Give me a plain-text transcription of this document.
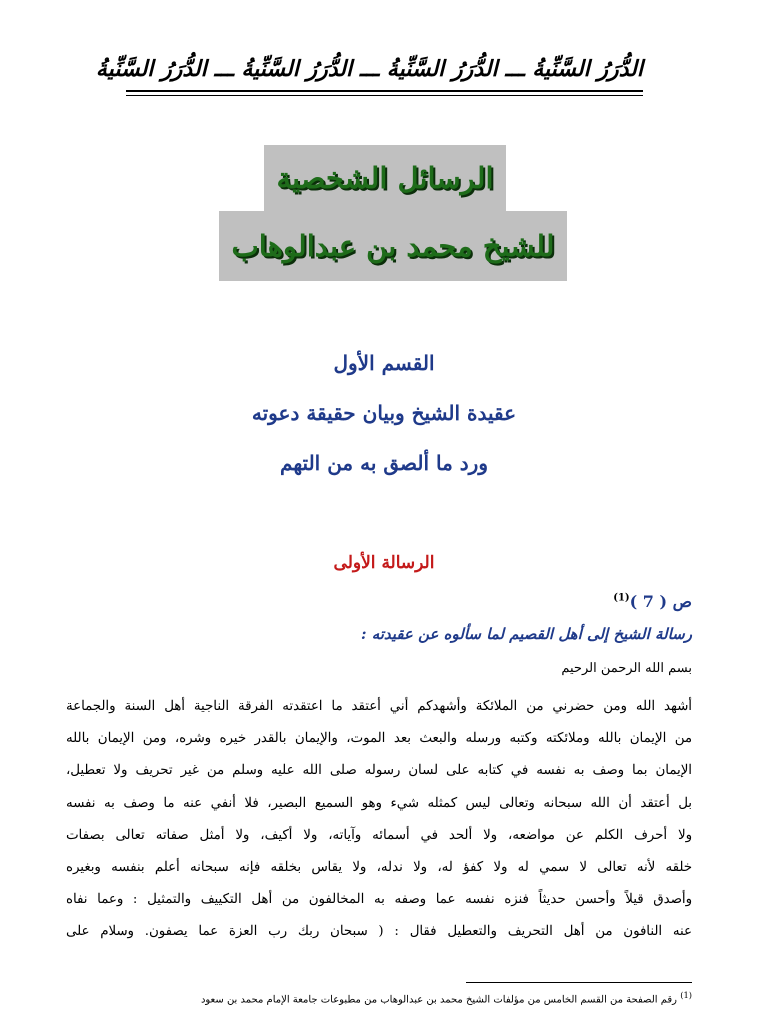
الدُّرَرُ السَّنِّيةُ ـــ الدُّرَرُ السَّنِّيةُ ـــ الدُّرَرُ السَّنِّيةُ ـــ الدُّرَرُ السَّنِّيةُ
الرسائل الشخصية
للشيخ محمد بن عبدالوهاب
القسم الأول
عقيدة الشيخ وبيان حقيقة دعوته
ورد ما ألصق به من التهم
الرسالة الأولى
ص ( 7 )$^{(1)}$
رسالة الشيخ إلى أهل القصيم لما سألوه عن عقيدته :
بسم الله الرحمن الرحيم
أشهد الله ومن حضرني من الملائكة وأشهدكم أني أعتقد ما اعتقدته الفرقة الناجية أهل السنة والجماعة
من الإيمان بالله وملائكته وكتبه ورسله والبعث بعد الموت، والإيمان بالقدر خيره وشره، ومن الإيمان بالله
الإيمان بما وصف به نفسه في كتابه على لسان رسوله صلى الله عليه وسلم من غير تحريف ولا تعطيل،
بل أعتقد أن الله سبحانه وتعالى ليس كمثله شيء وهو السميع البصير، فلا أنفي عنه ما وصف به نفسه
ولا أحرف الكلم عن مواضعه، ولا ألحد في أسمائه وآياته، ولا أكيف، ولا أمثل صفاته تعالى بصفات
خلقه لأنه تعالى لا سمي له ولا كفؤ له، ولا ندله، ولا يقاس بخلقه فإنه سبحانه أعلم بنفسه وبغيره
وأصدق قيلاً وأحسن حديثاً فنزه نفسه عما وصفه به المخالفون من أهل التكييف والتمثيل : وعما نفاه
عنه النافون من أهل التحريف والتعطيل فقال : ( سبحان ربك رب العزة عما يصفون. وسلام على
$^{(1)}$ رقم الصفحة من القسم الخامس من مؤلفات الشيخ محمد بن عبدالوهاب من مطبوعات جامعة الإمام محمد بن سعود
